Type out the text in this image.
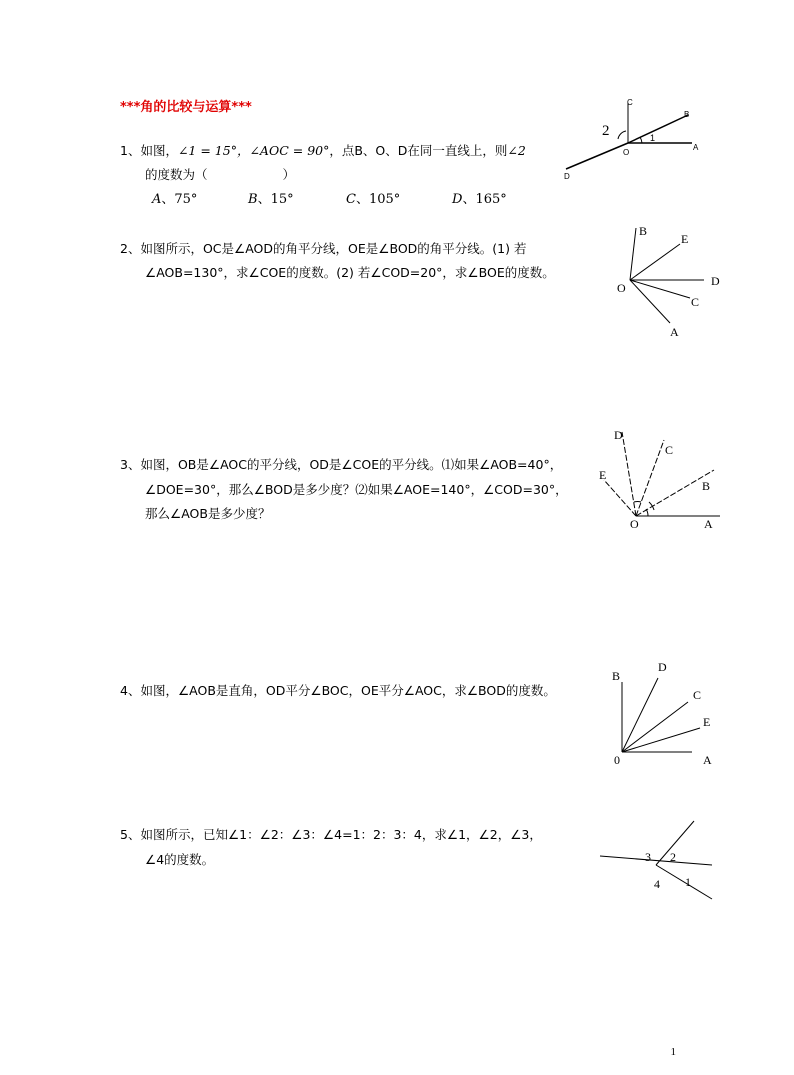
***角的比较与运算***
1、如图，∠1 = 15°，∠AOC = 90°，点B、O、D在同一直线上，则∠2
的度数为（　　　　　　）
A、75°	B、15°	C、105°	D、165°
C
B
2	1
O
A
D
2、如图所示，OC是∠AOD的角平分线，OE是∠BOD的角平分线。(1) 若
∠AOB=130°，求∠COE的度数。(2) 若∠COD=20°，求∠BOE的度数。
B
E
D
O
C
A
3、如图，OB是∠AOC的平分线，OD是∠COE的平分线。⑴如果∠AOB=40°，
∠DOE=30°，那么∠BOD是多少度？⑵如果∠AOE=140°，∠COD=30°，
那么∠AOB是多少度？
D
C
E
B
O	A
4、如图，∠AOB是直角，OD平分∠BOC，OE平分∠AOC，求∠BOD的度数。
B
D
C
E
0	A
5、如图所示，已知∠1：∠2：∠3：∠4=1：2：3：4，求∠1，∠2，∠3，
∠4的度数。	3 2
4 1
1
